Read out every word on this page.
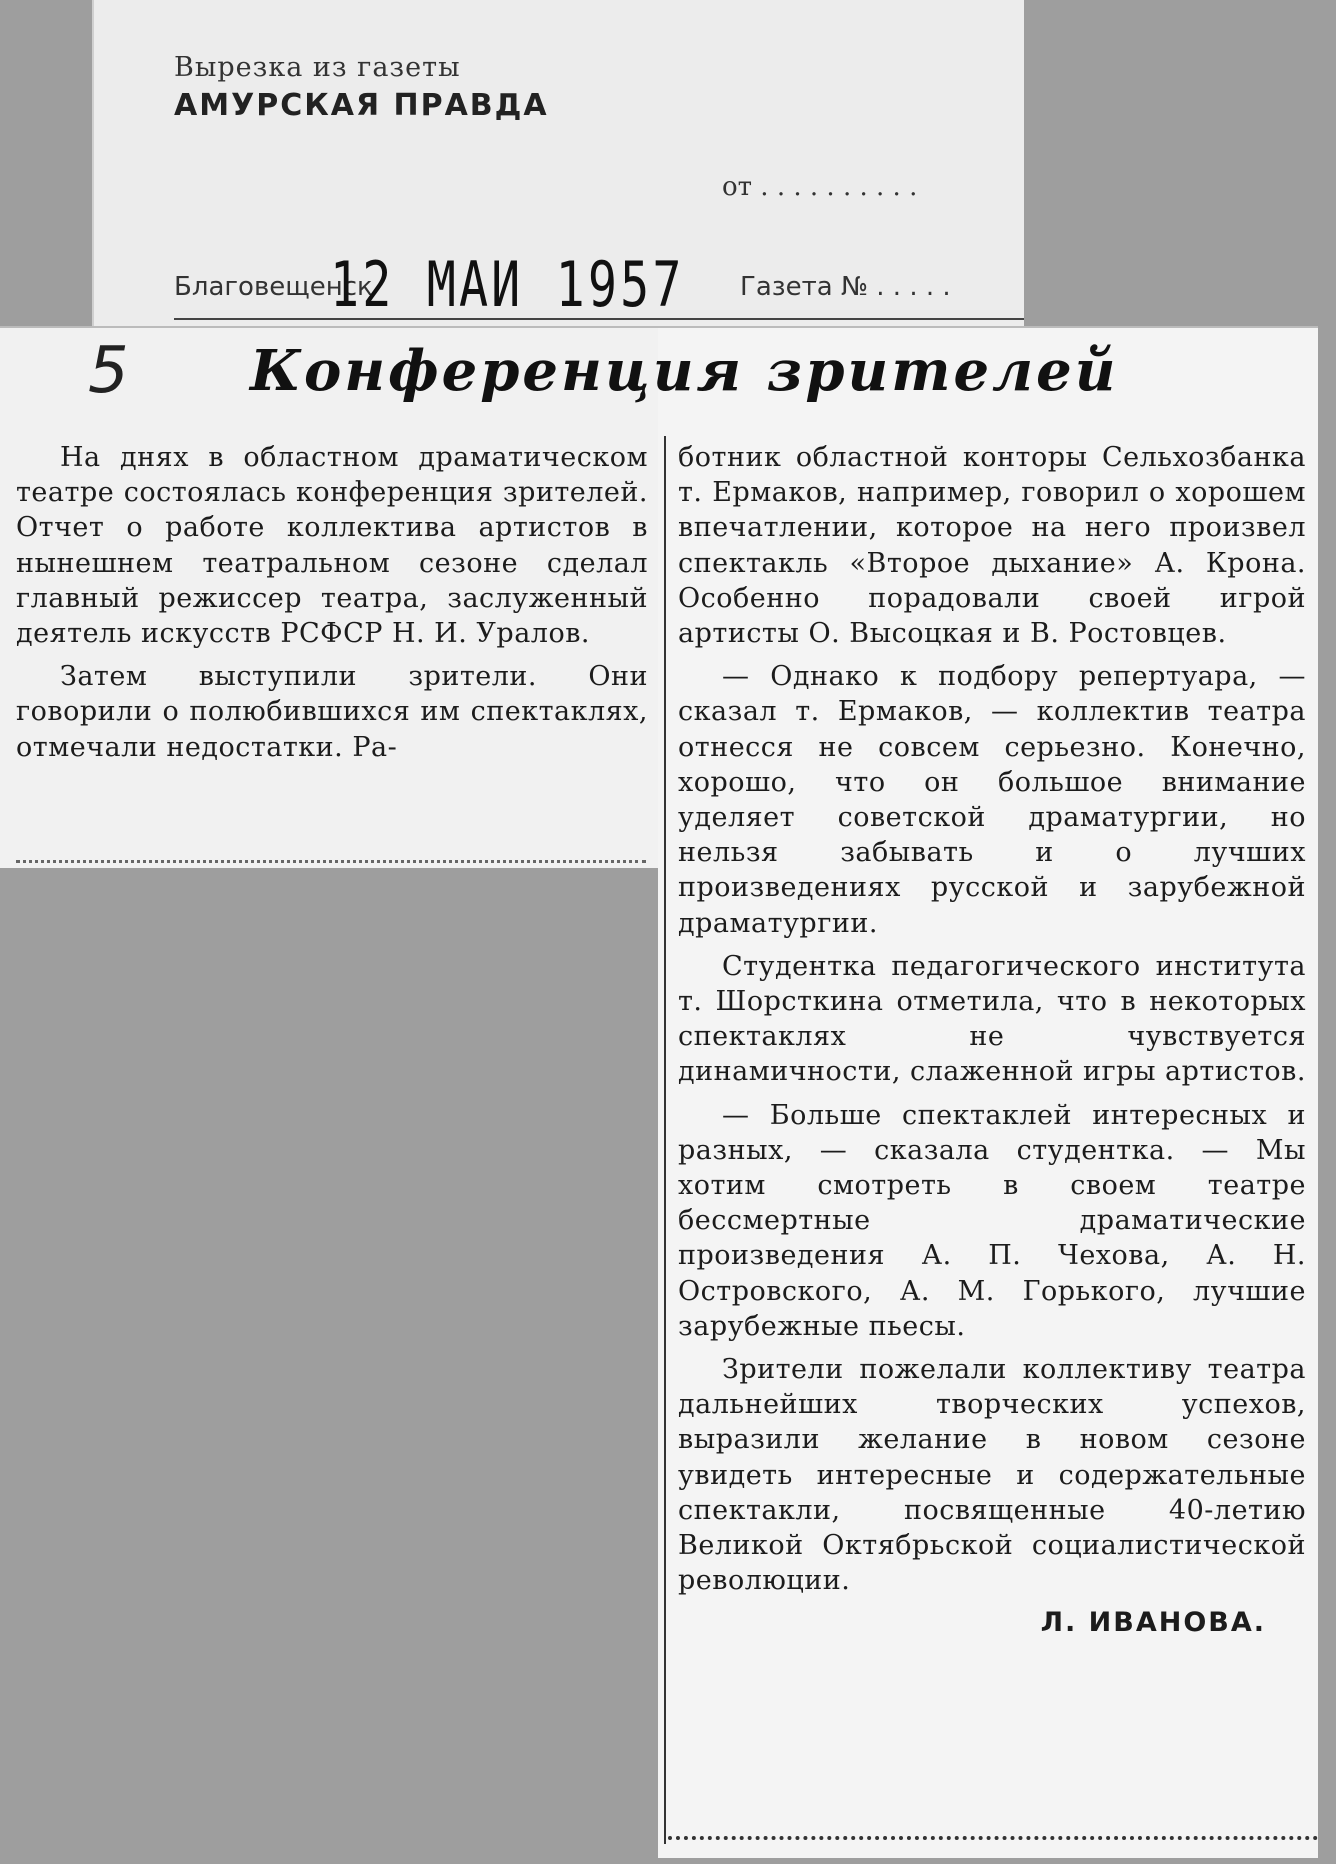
Вырезка из газеты
АМУРСКАЯ ПРАВДА
от . . . . . . . . . .
Благовещенск	Газета № . . . . .
12 МАИ 1957
5 Конференция зрителей

На днях в областном драматическом театре состоялась конференция зрителей. Отчет о работе коллектива артистов в нынешнем театральном сезоне сделал главный режиссер театра, заслуженный деятель искусств РСФСР Н. И. Уралов.

Затем выступили зрители. Они говорили о полюбившихся им спектаклях, отмечали недостатки. Ра-

ботник областной конторы Сельхозбанка т. Ермаков, например, говорил о хорошем впечатлении, которое на него произвел спектакль «Второе дыхание» А. Крона. Особенно порадовали своей игрой артисты О. Высоцкая и В. Ростовцев.

— Однако к подбору репертуара, — сказал т. Ермаков, — коллектив театра отнесся не совсем серьезно. Конечно, хорошо, что он большое внимание уделяет советской драматургии, но нельзя забывать и о лучших произведениях русской и зарубежной драматургии.

Студентка педагогического института т. Шорсткина отметила, что в некоторых спектаклях не чувствуется динамичности, слаженной игры артистов.

— Больше спектаклей интересных и разных, — сказала студентка. — Мы хотим смотреть в своем театре бессмертные драматические произведения А. П. Чехова, А. Н. Островского, А. М. Горького, лучшие зарубежные пьесы.

Зрители пожелали коллективу театра дальнейших творческих успехов, выразили желание в новом сезоне увидеть интересные и содержательные спектакли, посвященные 40-летию Великой Октябрьской социалистической революции.

Л. ИВАНОВА.
